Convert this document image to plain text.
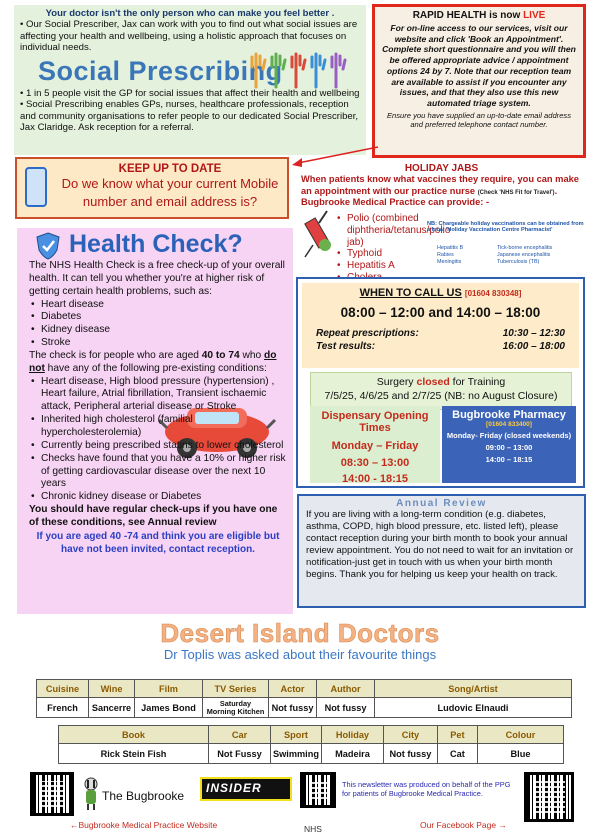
Your doctor isn't the only person who can make you feel better .

• Our Social Prescriber, Jax can work with you to find out what social issues are affecting your health and wellbeing, using a holistic approach that focuses on individual needs.

Social Prescribing

• 1 in 5 people visit the GP for social issues that affect their health and wellbeing

• Social Prescribing enables GPs, nurses, healthcare professionals, reception and community organisations to refer people to our dedicated Social Prescriber, Jax Claridge. Ask reception for a referral.

RAPID HEALTH is now LIVE
For on-line access to our services, visit our website and click 'Book an Appointment'. Complete short questionnaire and you will then be offered appropriate advice / appointment options 24 by 7. Note that our reception team are available to assist if you encounter any issues, and that they also use this new automated triage system.
Ensure you have supplied an up-to-date email address and preferred telephone contact number.
KEEP UP TO DATE
Do we know what your current Mobile number and email address is?
HOLIDAY JABS
When patients know what vaccines they require, you can make an appointment with our practice nurse (Check 'NHS Fit for Travel'). Bugbrooke Medical Practice can provide: -
• Polio (combined diphtheria/tetanus/polio jab)
• Typhoid
• Hepatitis A
•
NB: Chargeable holiday vaccinations can be obtained from a local 'Holiday Vaccination Centre Pharmacist'
Hepatitis B	Tick-borne encephalitis
Rabies	Japanese encephalitis
Meningitis	Tuberculosis (TB)
Health Check?

The NHS Health Check is a free check-up of your overall health. It can tell you whether you're at higher risk of getting certain health problems, such as:

• Heart disease
• Diabetes
• Kidney disease
• Stroke

The check is for people who are aged 40 to 74 who do not have any of the following pre-existing conditions:

• Heart disease, High blood pressure (hypertension) , Heart failure, Atrial fibrillation, Transient ischaemic attack, Peripheral arterial disease or Stroke
• Inherited high cholesterol (familial hypercholesterolemia)
• Currently being prescribed statins to lower cholesterol
• Checks have found that you have a 10% or higher risk of getting cardiovascular disease over the next 10 years
• Chronic kidney disease or Diabetes

You should have regular check-ups if you have one of these conditions, see Annual review

If you are aged 40 -74 and think you are eligible but have not been invited, contact reception.

WHEN TO CALL US [01604 830348]
08:00 – 12:00 and 14:00 – 18:00
Repeat prescriptions:	10:30 – 12:30
Test results:	16:00 – 18:00
Surgery closed for Training
7/5/25, 4/6/25 and 2/7/25 (NB: no August Closure)
Dispensary Opening Times
Monday – Friday
08:30 – 13:00
14:00 - 18:15
Bugbrooke Pharmacy
[01604 833400]
Monday- Friday (closed weekends)
09:00 – 13:00
14:00 – 18:15
Annual Review

If you are living with a long-term condition (e.g. diabetes, asthma, COPD, high blood pressure, etc. listed left), please contact reception during your birth month to book your annual review appointment. You do not need to wait for an invitation or notification-just get in touch with us when your birth month begins. Thank you for helping us keep your health on track.

Desert Island Doctors
Dr Toplis was asked about their favourite things
Cuisine	Wine	Film	TV Series	Actor	Author	Song/Artist
French	Sancerre	James Bond	Saturday Morning Kitchen	Not fussy	Not fussy	Ludovic Elnaudi
Book	Car	Sport	Holiday	City	Pet	Colour
Rick Stein Fish	Not Fussy	Swimming	Madeira	Not fussy	Cat	Blue
The Bugbrooke
INSIDER	This newsletter was produced on behalf of the PPG for patients of Bugbrooke Medical Practice.
←Bugbrooke Medical Practice Website	NHS	Our Facebook Page →
